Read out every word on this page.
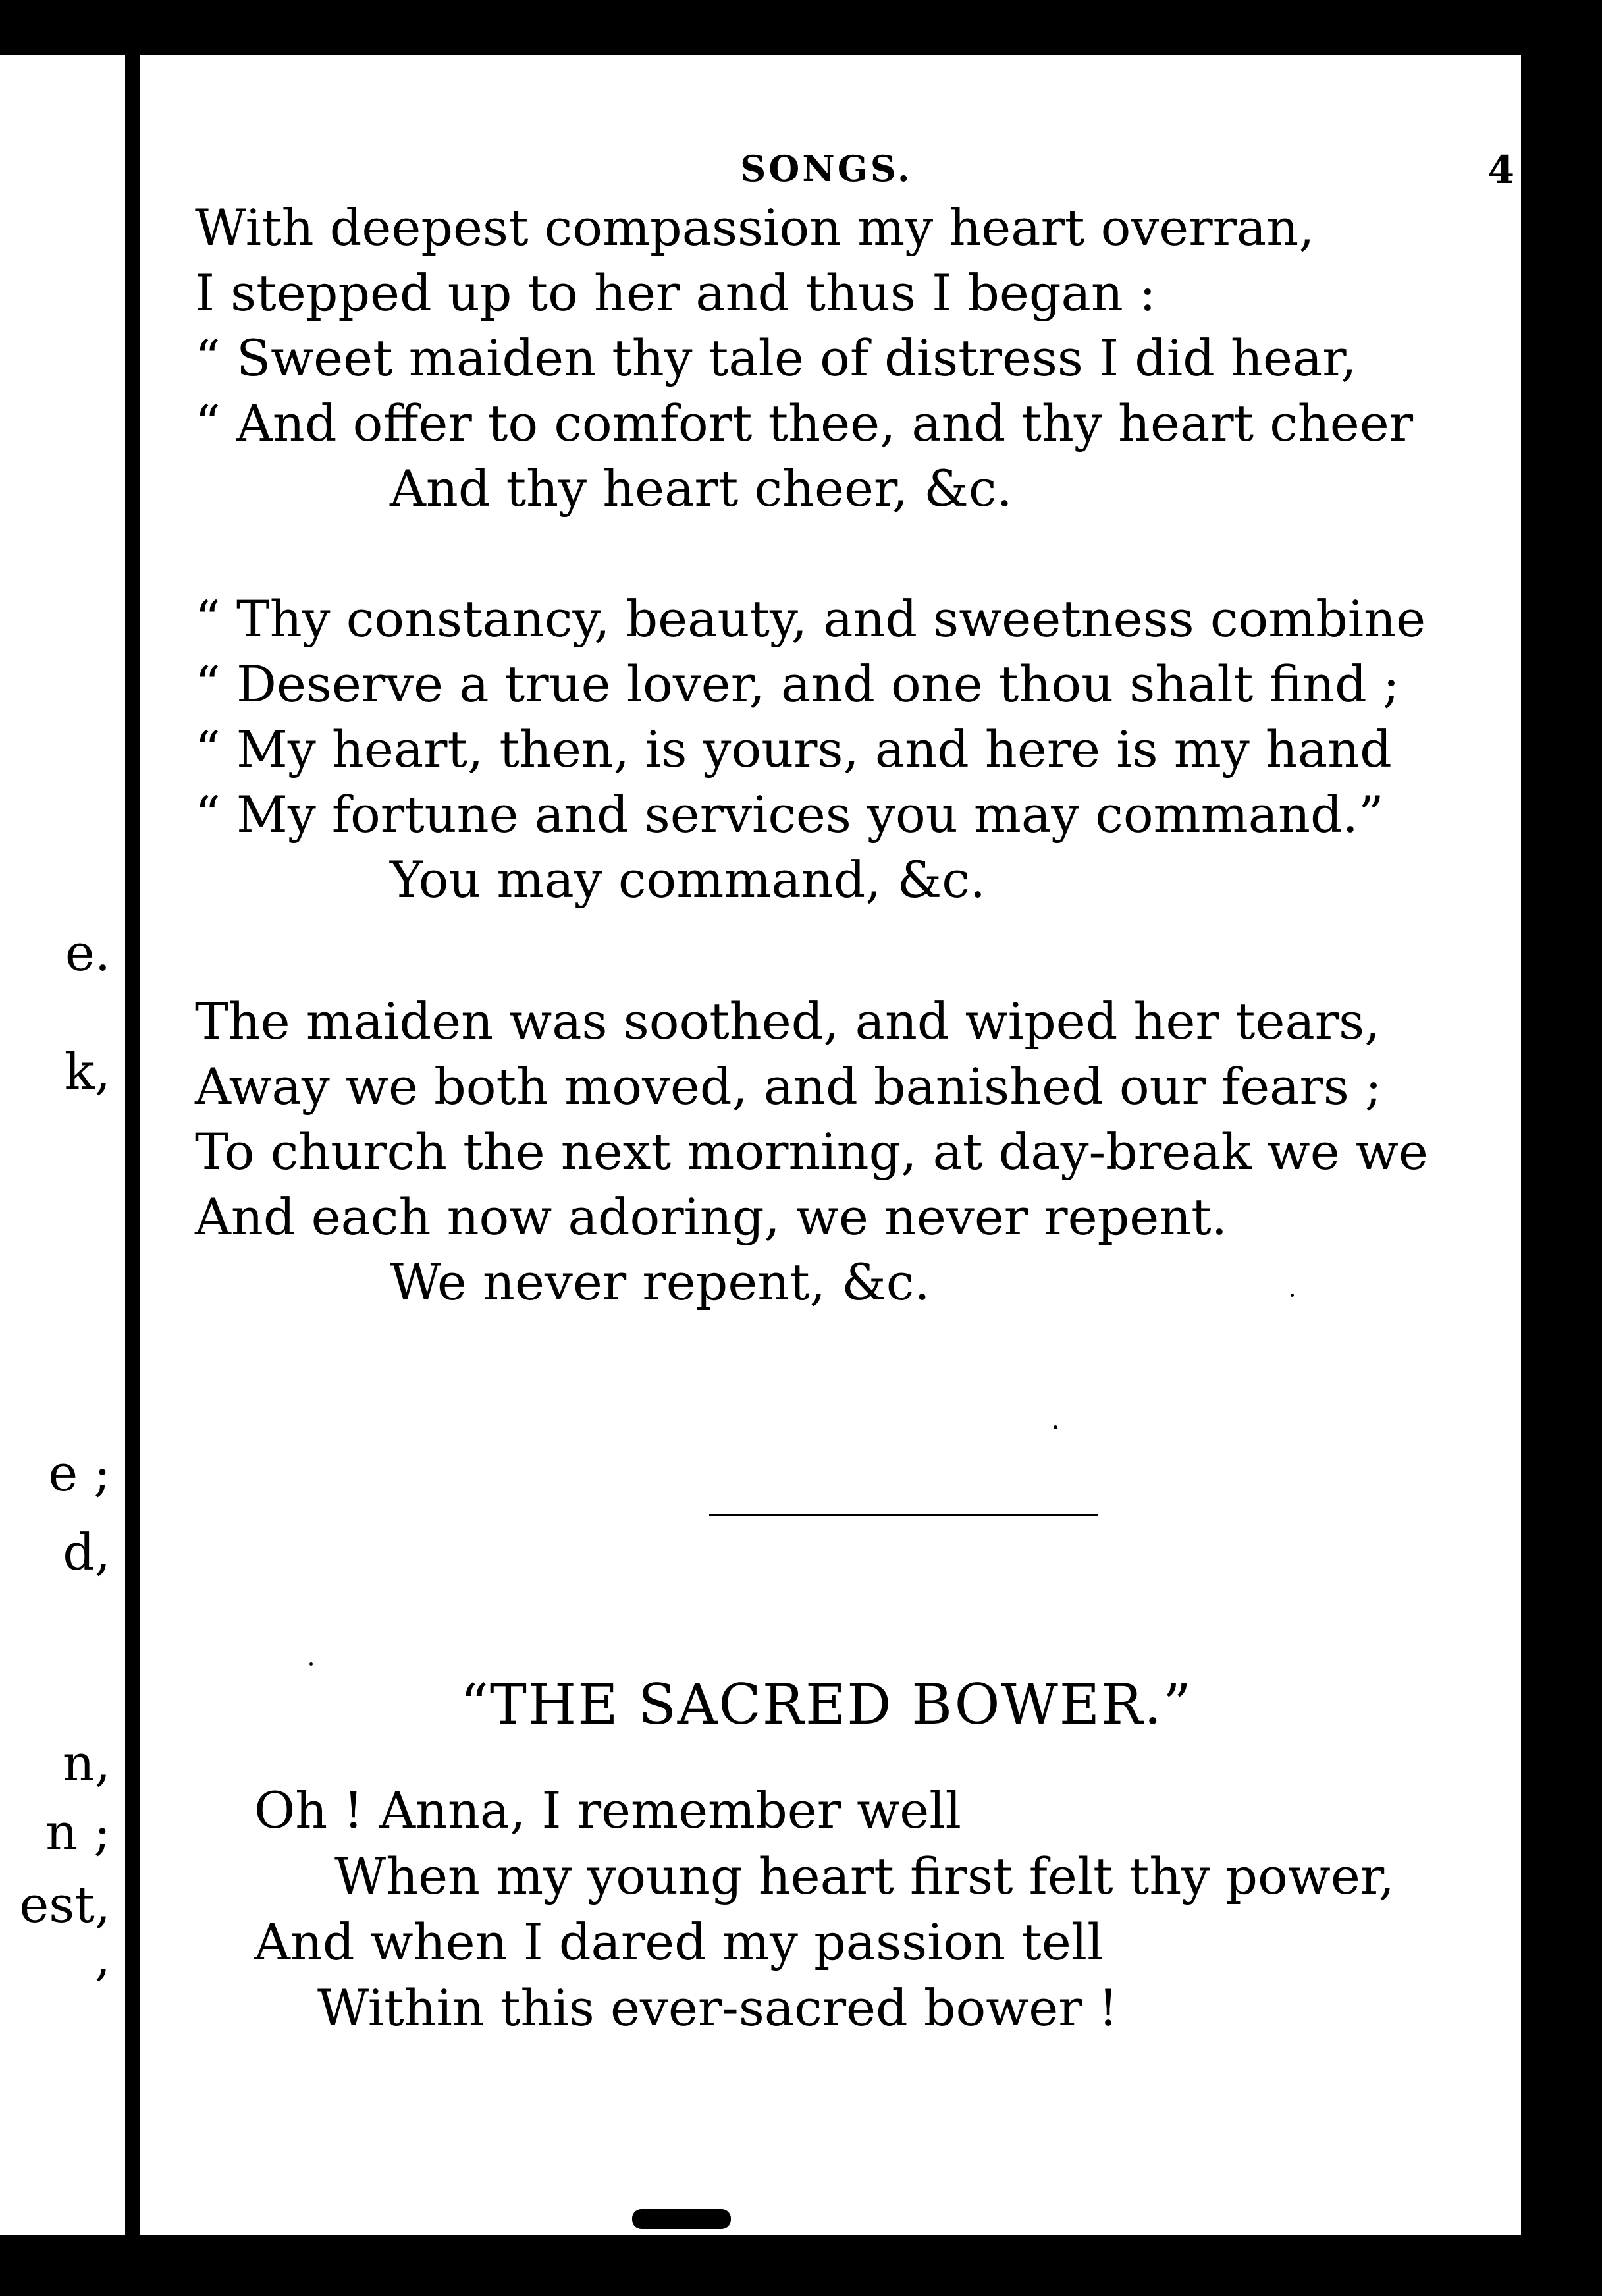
e.
k,
e ;
d,
n,
n ;
est,
,
SONGS.	4
With deepest compassion my heart overran,
I stepped up to her and thus I began :
“ Sweet maiden thy tale of distress I did hear,
“ And offer to comfort thee, and thy heart cheer
And thy heart cheer, &c.
“ Thy constancy, beauty, and sweetness combine
“ Deserve a true lover, and one thou shalt find ;
“ My heart, then, is yours, and here is my hand
“ My fortune and services you may command.”
You may command, &c.
The maiden was soothed, and wiped her tears,
Away we both moved, and banished our fears ;
To church the next morning, at day-break we we
And each now adoring, we never repent.
We never repent, &c.
“THE SACRED BOWER.”
Oh ! Anna, I remember well
When my young heart first felt thy power,
And when I dared my passion tell
Within this ever-sacred bower !
